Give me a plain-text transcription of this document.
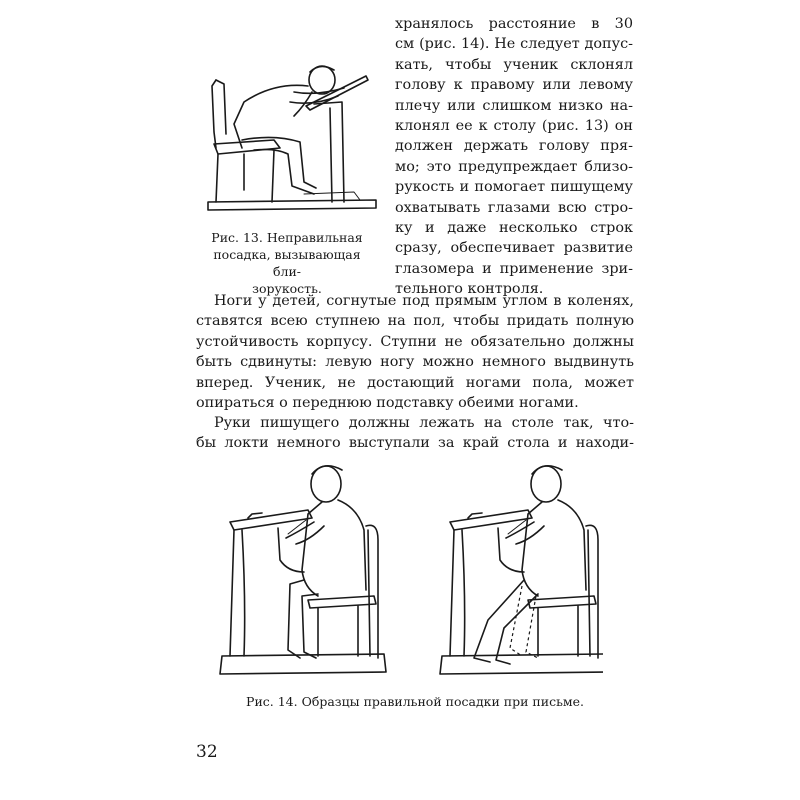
Рис. 13. Неправильная
посадка, вызывающая бли-
зорукость.
хранялось расстояние в 30
см (рис. 14). Не следует допус-
кать, чтобы ученик склонял
голову к правому или левому
плечу или слишком низко на-
клонял ее к столу (рис. 13) он
должен держать голову пря-
мо; это предупреждает близо-
рукость и помогает пишущему
охватывать глазами всю стро-
ку и даже несколько строк
сразу, обеспечивает развитие
глазомера и применение зри-
тельного контроля.
Ноги у детей, согнутые под прямым углом в коленях,
ставятся всею ступнею на пол, чтобы придать полную
устойчивость корпусу. Ступни не обязательно должны
быть сдвинуты: левую ногу можно немного выдвинуть
вперед. Ученик, не достающий ногами пола, может
опираться о переднюю подставку обеими ногами.
Руки пишущего должны лежать на столе так, что-
бы локти немного выступали за край стола и находи-
Рис. 14. Образцы правильной посадки при письме.
32
